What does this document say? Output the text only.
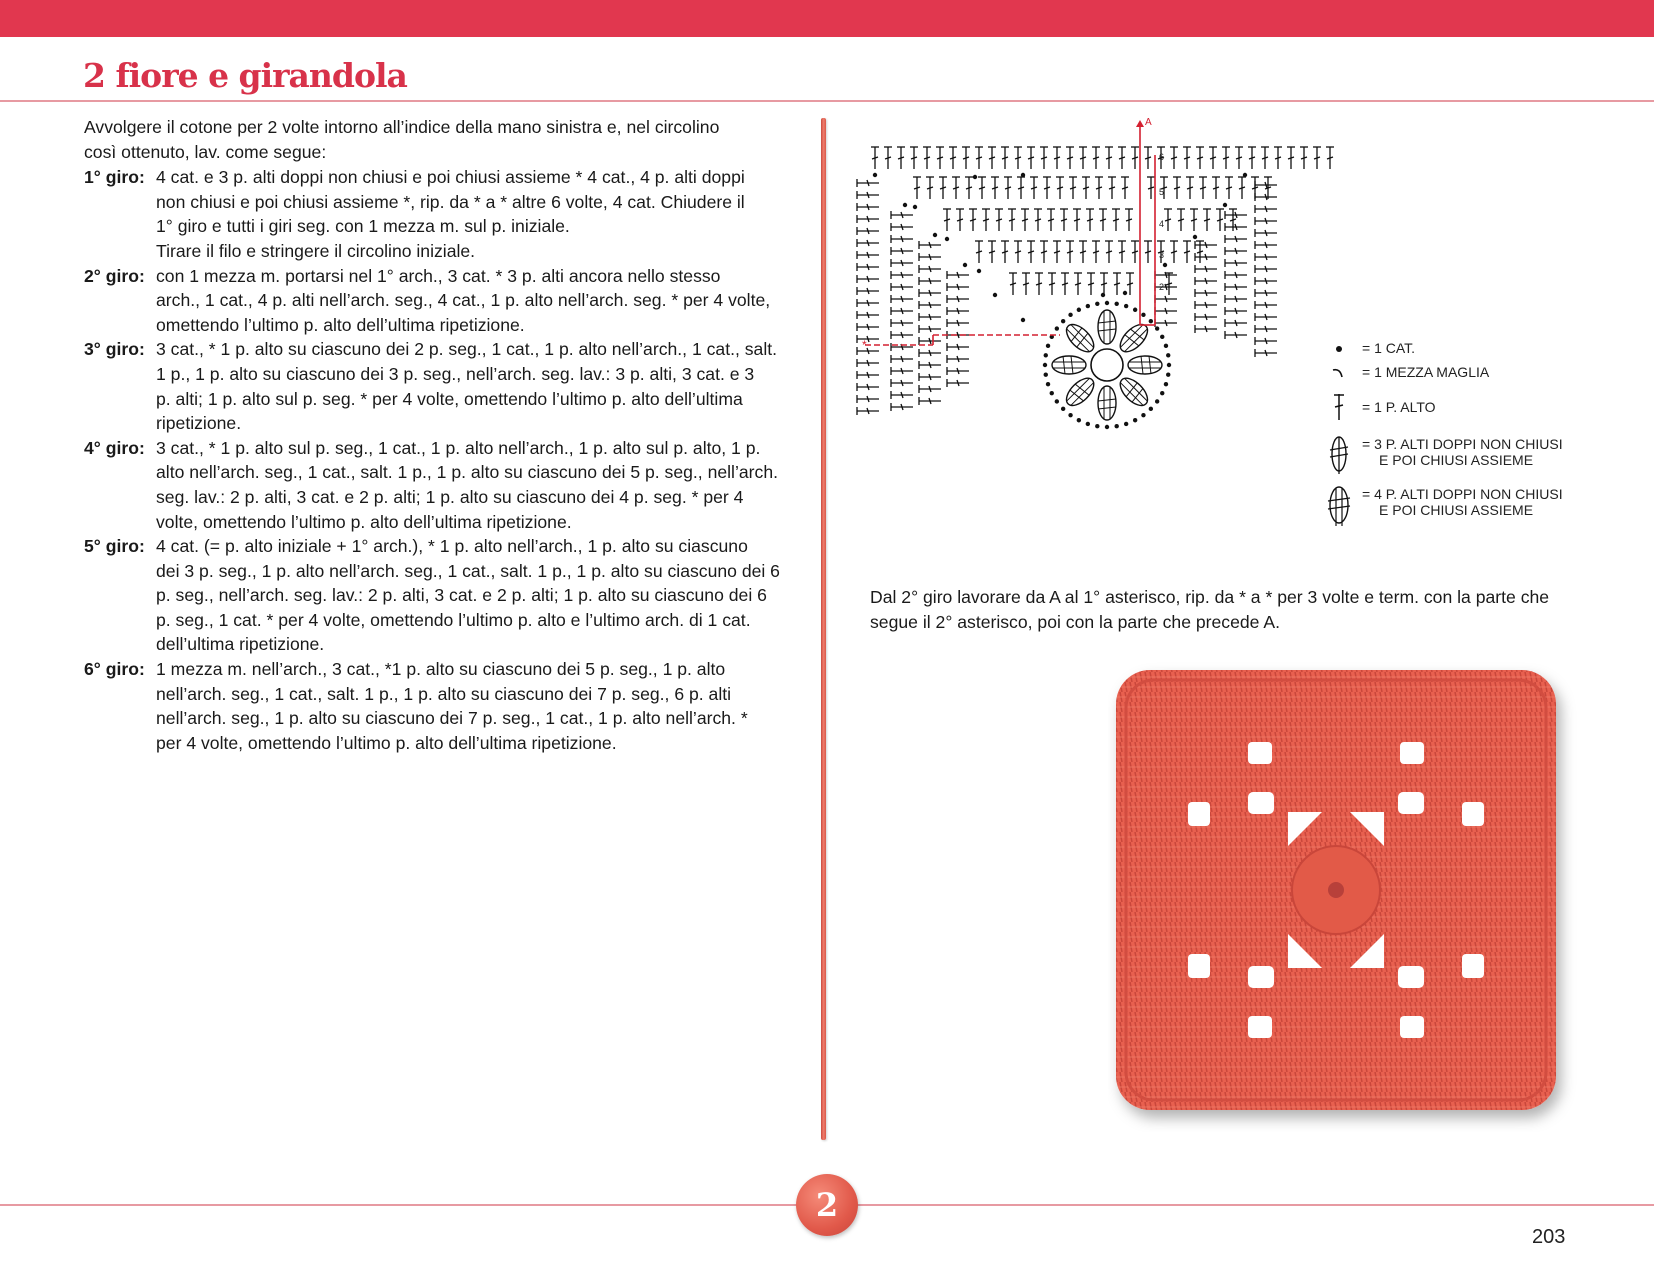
2 fiore e girandola

Avvolgere il cotone per 2 volte intorno all’indice della mano sinistra e, nel circolino
così ottenuto, lav. come segue:

1° giro: 4 cat. e 3 p. alti doppi non chiusi e poi chiusi assieme * 4 cat., 4 p. alti doppi
non chiusi e poi chiusi assieme *, rip. da * a * altre 6 volte, 4 cat. Chiudere il
1° giro e tutti i giri seg. con 1 mezza m. sul p. iniziale.
Tirare il filo e stringere il circolino iniziale.
2° giro: con 1 mezza m. portarsi nel 1° arch., 3 cat. * 3 p. alti ancora nello stesso
arch., 1 cat., 4 p. alti nell’arch. seg., 4 cat., 1 p. alto nell’arch. seg. * per 4 volte,
omettendo l’ultimo p. alto dell’ultima ripetizione.
3° giro: 3 cat., * 1 p. alto su ciascuno dei 2 p. seg., 1 cat., 1 p. alto nell’arch., 1 cat., salt.
1 p., 1 p. alto su ciascuno dei 3 p. seg., nell’arch. seg. lav.: 3 p. alti, 3 cat. e 3
p. alti; 1 p. alto sul p. seg. * per 4 volte, omettendo l’ultimo p. alto dell’ultima
ripetizione.
4° giro: 3 cat., * 1 p. alto sul p. seg., 1 cat., 1 p. alto nell’arch., 1 p. alto sul p. alto, 1 p.
alto nell’arch. seg., 1 cat., salt. 1 p., 1 p. alto su ciascuno dei 5 p. seg., nell’arch.
seg. lav.: 2 p. alti, 3 cat. e 2 p. alti; 1 p. alto su ciascuno dei 4 p. seg. * per 4
volte, omettendo l’ultimo p. alto dell’ultima ripetizione.
5° giro: 4 cat. (= p. alto iniziale + 1° arch.), * 1 p. alto nell’arch., 1 p. alto su ciascuno
dei 3 p. seg., 1 p. alto nell’arch. seg., 1 cat., salt. 1 p., 1 p. alto su ciascuno dei 6
p. seg., nell’arch. seg. lav.: 2 p. alti, 3 cat. e 2 p. alti; 1 p. alto su ciascuno dei 6
p. seg., 1 cat. * per 4 volte, omettendo l’ultimo p. alto e l’ultimo arch. di 1 cat.
dell’ultima ripetizione.
6° giro: 1 mezza m. nell’arch., 3 cat., *1 p. alto su ciascuno dei 5 p. seg., 1 p. alto
nell’arch. seg., 1 cat., salt. 1 p., 1 p. alto su ciascuno dei 7 p. seg., 6 p. alti
nell’arch. seg., 1 p. alto su ciascuno dei 7 p. seg., 1 cat., 1 p. alto nell’arch. *
per 4 volte, omettendo l’ultimo p. alto dell’ultima ripetizione.
*
A
6
5
4
3
2
= 1 CAT.
= 1 MEZZA MAGLIA
= 1 P. ALTO
= 3 P. ALTI DOPPI NON CHIUSI
E POI CHIUSI ASSIEME
= 4 P. ALTI DOPPI NON CHIUSI
E POI CHIUSI ASSIEME

Dal 2° giro lavorare da A al 1° asterisco, rip. da * a * per 3 volte e term. con la parte che segue il 2° asterisco, poi con la parte che precede A.

2
203
